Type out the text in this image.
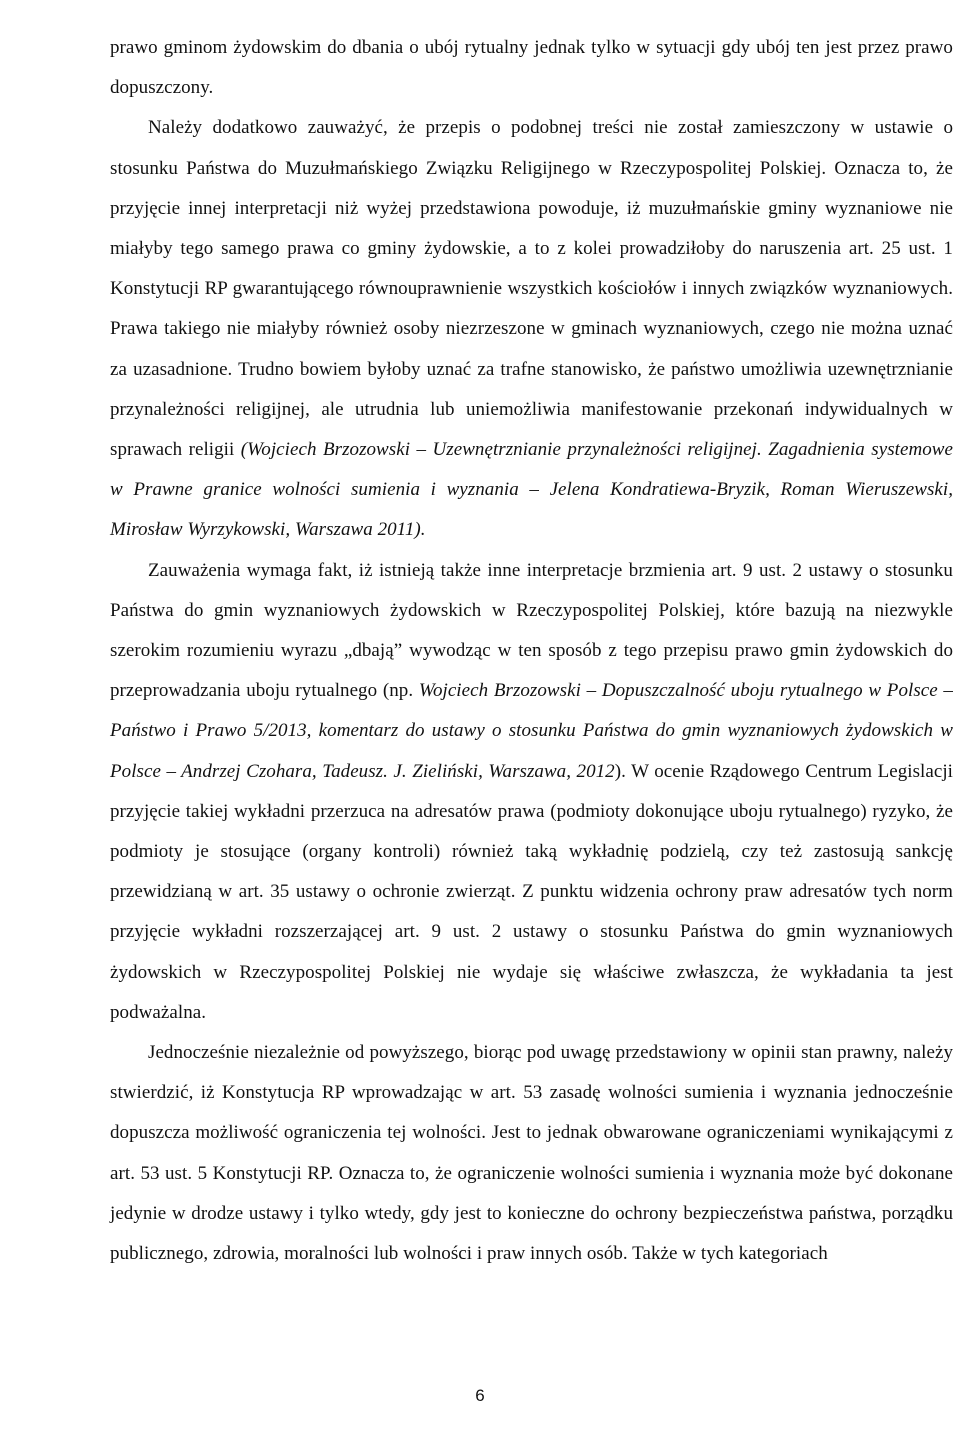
prawo gminom żydowskim do dbania o ubój rytualny jednak tylko w sytuacji gdy ubój ten jest przez prawo dopuszczony.

Należy dodatkowo zauważyć, że przepis o podobnej treści nie został zamieszczony w ustawie o stosunku Państwa do Muzułmańskiego Związku Religijnego w Rzeczypospolitej Polskiej. Oznacza to, że przyjęcie innej interpretacji niż wyżej przedstawiona powoduje, iż muzułmańskie gminy wyznaniowe nie miałyby tego samego prawa co gminy żydowskie, a to z kolei prowadziłoby do naruszenia art. 25 ust. 1 Konstytucji RP gwarantującego równouprawnienie wszystkich kościołów i innych związków wyznaniowych. Prawa takiego nie miałyby również osoby niezrzeszone w gminach wyznaniowych, czego nie można uznać za uzasadnione. Trudno bowiem byłoby uznać za trafne stanowisko, że państwo umożliwia uzewnętrznianie przynależności religijnej, ale utrudnia lub uniemożliwia manifestowanie przekonań indywidualnych w sprawach religii (Wojciech Brzozowski – Uzewnętrznianie przynależności religijnej. Zagadnienia systemowe w Prawne granice wolności sumienia i wyznania – Jelena Kondratiewa-Bryzik, Roman Wieruszewski, Mirosław Wyrzykowski, Warszawa 2011).

Zauważenia wymaga fakt, iż istnieją także inne interpretacje brzmienia art. 9 ust. 2 ustawy o stosunku Państwa do gmin wyznaniowych żydowskich w Rzeczypospolitej Polskiej, które bazują na niezwykle szerokim rozumieniu wyrazu „dbają” wywodząc w ten sposób z tego przepisu prawo gmin żydowskich do przeprowadzania uboju rytualnego (np. Wojciech Brzozowski – Dopuszczalność uboju rytualnego w Polsce – Państwo i Prawo 5/2013, komentarz do ustawy o stosunku Państwa do gmin wyznaniowych żydowskich w Polsce – Andrzej Czohara, Tadeusz. J. Zieliński, Warszawa, 2012). W ocenie Rządowego Centrum Legislacji przyjęcie takiej wykładni przerzuca na adresatów prawa (podmioty dokonujące uboju rytualnego) ryzyko, że podmioty je stosujące (organy kontroli) również taką wykładnię podzielą, czy też zastosują sankcję przewidzianą w art. 35 ustawy o ochronie zwierząt. Z punktu widzenia ochrony praw adresatów tych norm przyjęcie wykładni rozszerzającej art. 9 ust. 2 ustawy o stosunku Państwa do gmin wyznaniowych żydowskich w Rzeczypospolitej Polskiej nie wydaje się właściwe zwłaszcza, że wykładania ta jest podważalna.

Jednocześnie niezależnie od powyższego, biorąc pod uwagę przedstawiony w opinii stan prawny, należy stwierdzić, iż Konstytucja RP wprowadzając w art. 53 zasadę wolności sumienia i wyznania jednocześnie dopuszcza możliwość ograniczenia tej wolności. Jest to jednak obwarowane ograniczeniami wynikającymi z art. 53 ust. 5 Konstytucji RP. Oznacza to, że ograniczenie wolności sumienia i wyznania może być dokonane jedynie w drodze ustawy i tylko wtedy, gdy jest to konieczne do ochrony bezpieczeństwa państwa, porządku publicznego, zdrowia, moralności lub wolności i praw innych osób. Także w tych kategoriach

6
